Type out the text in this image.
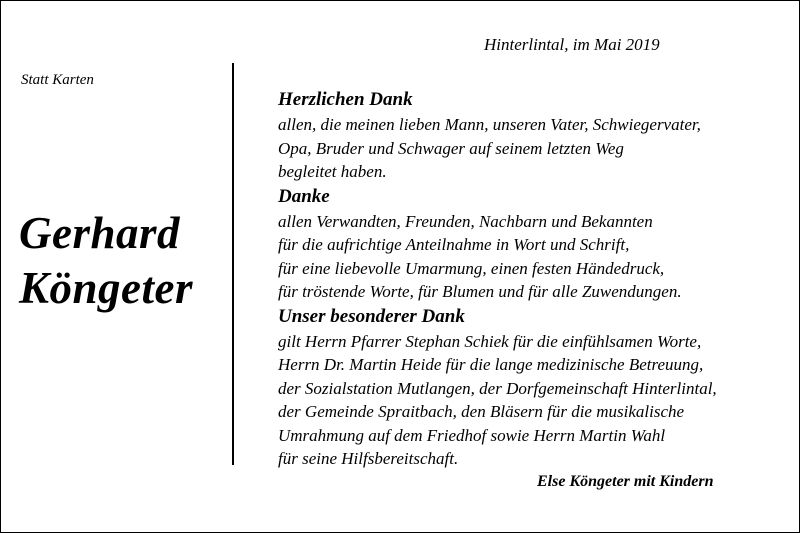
Hinterlintal, im Mai 2019
Statt Karten
Gerhard
Köngeter
Herzlichen Dank
allen, die meinen lieben Mann, unseren Vater, Schwiegervater,
Opa, Bruder und Schwager auf seinem letzten Weg
begleitet haben.
Danke
allen Verwandten, Freunden, Nachbarn und Bekannten
für die aufrichtige Anteilnahme in Wort und Schrift,
für eine liebevolle Umarmung, einen festen Händedruck,
für tröstende Worte, für Blumen und für alle Zuwendungen.
Unser besonderer Dank
gilt Herrn Pfarrer Stephan Schiek für die einfühlsamen Worte,
Herrn Dr. Martin Heide für die lange medizinische Betreuung,
der Sozialstation Mutlangen, der Dorfgemeinschaft Hinterlintal,
der Gemeinde Spraitbach, den Bläsern für die musikalische
Umrahmung auf dem Friedhof sowie Herrn Martin Wahl
für seine Hilfsbereitschaft.
Else Köngeter mit Kindern
